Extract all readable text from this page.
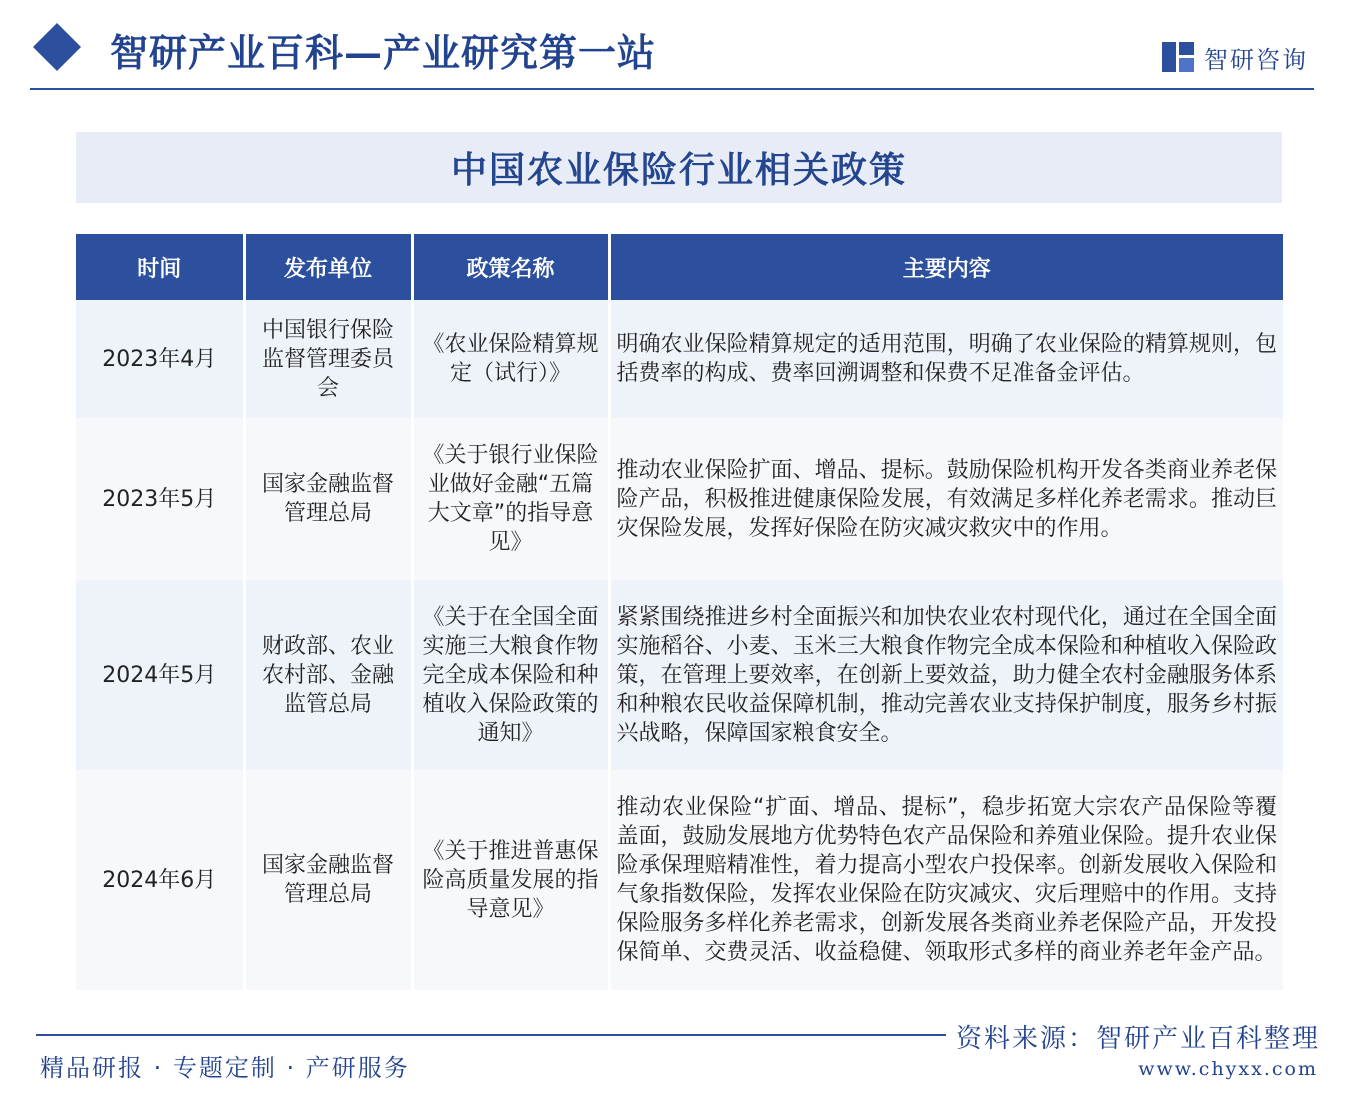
智研产业百科—产业研究第一站	智研咨询
中国农业保险行业相关政策
时间	发布单位	政策名称	主要内容
2023年4月	中国银行保险监督管理委员会	《农业保险精算规定（试行）》	明确农业保险精算规定的适用范围，明确了农业保险的精算规则，包括费率的构成、费率回溯调整和保费不足准备金评估。
2023年5月	国家金融监督管理总局	《关于银行业保险业做好金融“五篇大文章”的指导意见》	推动农业保险扩面、增品、提标。鼓励保险机构开发各类商业养老保险产品，积极推进健康保险发展，有效满足多样化养老需求。推动巨灾保险发展，发挥好保险在防灾减灾救灾中的作用。
2024年5月	财政部、农业农村部、金融监管总局	《关于在全国全面实施三大粮食作物完全成本保险和种植收入保险政策的通知》	紧紧围绕推进乡村全面振兴和加快农业农村现代化，通过在全国全面实施稻谷、小麦、玉米三大粮食作物完全成本保险和种植收入保险政策，在管理上要效率，在创新上要效益，助力健全农村金融服务体系和种粮农民收益保障机制，推动完善农业支持保护制度，服务乡村振兴战略，保障国家粮食安全。
2024年6月	国家金融监督管理总局	《关于推进普惠保险高质量发展的指导意见》	推动农业保险“扩面、增品、提标”，稳步拓宽大宗农产品保险等覆盖面，鼓励发展地方优势特色农产品保险和养殖业保险。提升农业保险承保理赔精准性，着力提高小型农户投保率。创新发展收入保险和气象指数保险，发挥农业保险在防灾减灾、灾后理赔中的作用。支持保险服务多样化养老需求，创新发展各类商业养老保险产品，开发投保简单、交费灵活、收益稳健、领取形式多样的商业养老年金产品。
精品研报 · 专题定制 · 产研服务
资料来源：智研产业百科整理
www.chyxx.com
